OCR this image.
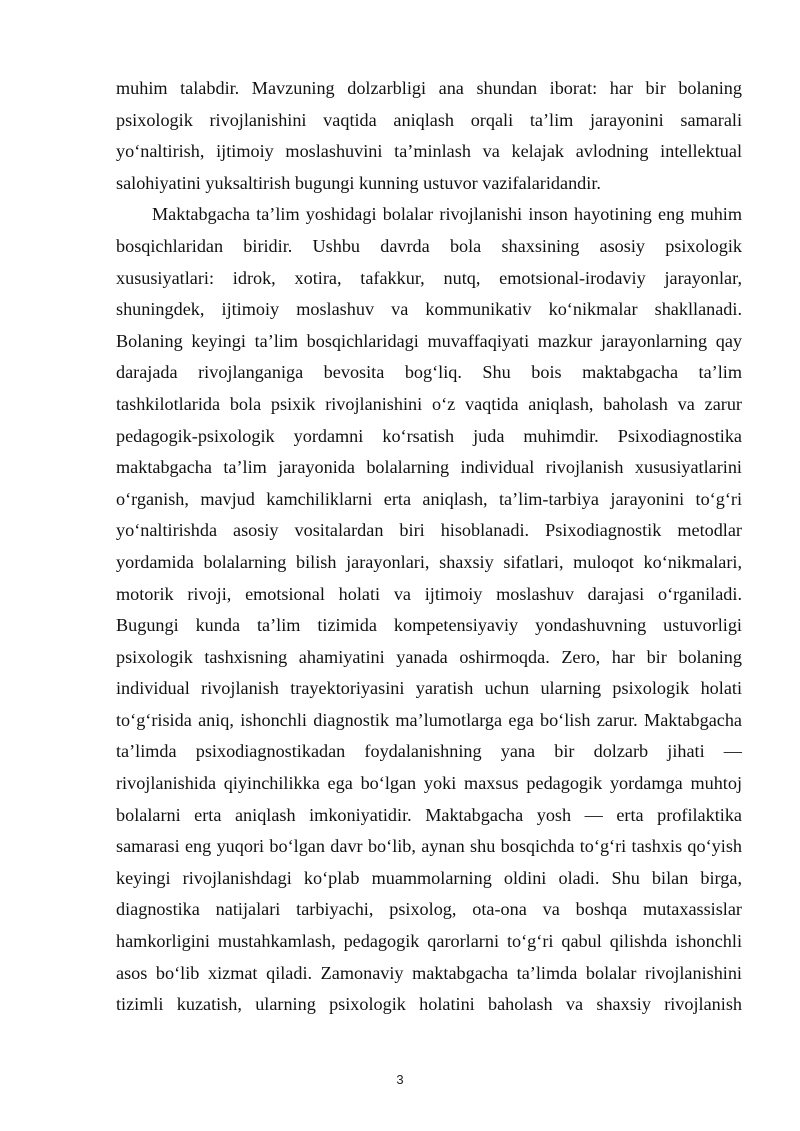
muhim talabdir. Mavzuning dolzarbligi ana shundan iborat: har bir bolaning
psixologik rivojlanishini vaqtida aniqlash orqali ta’lim jarayonini samarali
yo‘naltirish, ijtimoiy moslashuvini ta’minlash va kelajak avlodning intellektual
salohiyatini yuksaltirish bugungi kunning ustuvor vazifalaridandir.

Maktabgacha ta’lim yoshidagi bolalar rivojlanishi inson hayotining eng muhim
bosqichlaridan biridir. Ushbu davrda bola shaxsining asosiy psixologik
xususiyatlari: idrok, xotira, tafakkur, nutq, emotsional-irodaviy jarayonlar,
shuningdek, ijtimoiy moslashuv va kommunikativ ko‘nikmalar shakllanadi.
Bolaning keyingi ta’lim bosqichlaridagi muvaffaqiyati mazkur jarayonlarning qay
darajada rivojlanganiga bevosita bog‘liq. Shu bois maktabgacha ta’lim
tashkilotlarida bola psixik rivojlanishini o‘z vaqtida aniqlash, baholash va zarur
pedagogik-psixologik yordamni ko‘rsatish juda muhimdir. Psixodiagnostika
maktabgacha ta’lim jarayonida bolalarning individual rivojlanish xususiyatlarini
o‘rganish, mavjud kamchiliklarni erta aniqlash, ta’lim-tarbiya jarayonini to‘g‘ri
yo‘naltirishda asosiy vositalardan biri hisoblanadi. Psixodiagnostik metodlar
yordamida bolalarning bilish jarayonlari, shaxsiy sifatlari, muloqot ko‘nikmalari,
motorik rivoji, emotsional holati va ijtimoiy moslashuv darajasi o‘rganiladi.
Bugungi kunda ta’lim tizimida kompetensiyaviy yondashuvning ustuvorligi
psixologik tashxisning ahamiyatini yanada oshirmoqda. Zero, har bir bolaning
individual rivojlanish trayektoriyasini yaratish uchun ularning psixologik holati
to‘g‘risida aniq, ishonchli diagnostik ma’lumotlarga ega bo‘lish zarur. Maktabgacha
ta’limda psixodiagnostikadan foydalanishning yana bir dolzarb jihati —
rivojlanishida qiyinchilikka ega bo‘lgan yoki maxsus pedagogik yordamga muhtoj
bolalarni erta aniqlash imkoniyatidir. Maktabgacha yosh — erta profilaktika
samarasi eng yuqori bo‘lgan davr bo‘lib, aynan shu bosqichda to‘g‘ri tashxis qo‘yish
keyingi rivojlanishdagi ko‘plab muammolarning oldini oladi. Shu bilan birga,
diagnostika natijalari tarbiyachi, psixolog, ota-ona va boshqa mutaxassislar
hamkorligini mustahkamlash, pedagogik qarorlarni to‘g‘ri qabul qilishda ishonchli
asos bo‘lib xizmat qiladi. Zamonaviy maktabgacha ta’limda bolalar rivojlanishini
tizimli kuzatish, ularning psixologik holatini baholash va shaxsiy rivojlanish

3
